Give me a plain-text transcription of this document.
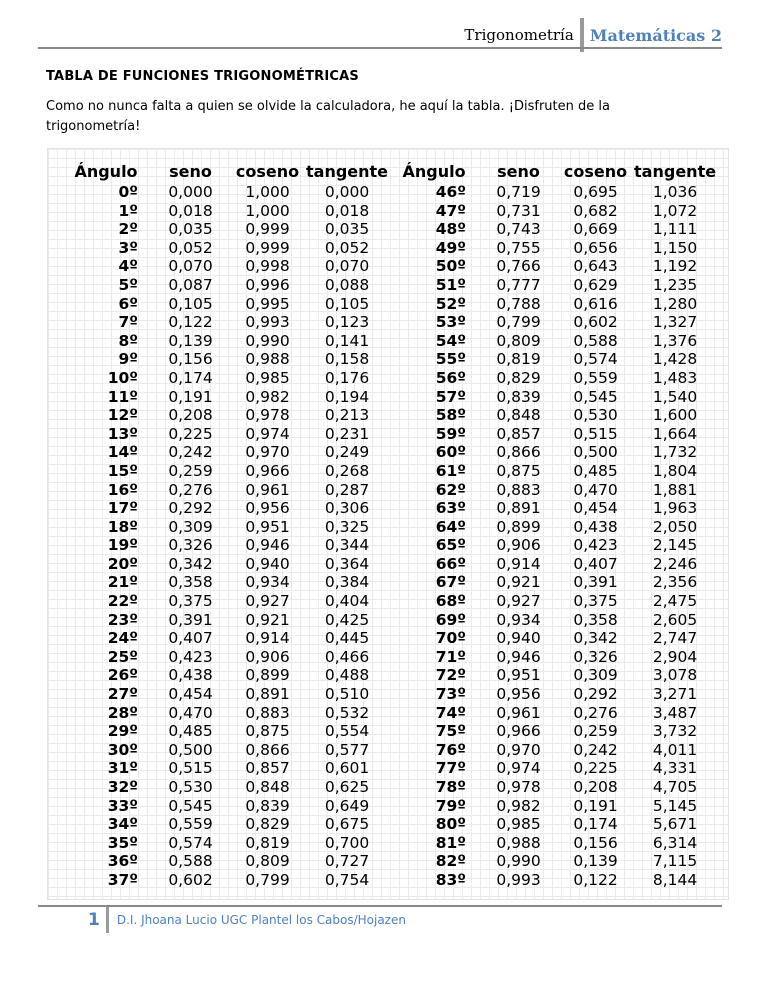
Trigonometría	Matemáticas 2
TABLA DE FUNCIONES TRIGONOMÉTRICAS
Como no nunca falta a quien se olvide la calculadora, he aquí la tabla. ¡Disfruten de la trigonometría!
Ángulo	seno	coseno	tangente	Ángulo	seno	coseno	tangente
0º	0,000	1,000	0,000	46º	0,719	0,695	1,036
1º	0,018	1,000	0,018	47º	0,731	0,682	1,072
2º	0,035	0,999	0,035	48º	0,743	0,669	1,111
3º	0,052	0,999	0,052	49º	0,755	0,656	1,150
4º	0,070	0,998	0,070	50º	0,766	0,643	1,192
5º	0,087	0,996	0,088	51º	0,777	0,629	1,235
6º	0,105	0,995	0,105	52º	0,788	0,616	1,280
7º	0,122	0,993	0,123	53º	0,799	0,602	1,327
8º	0,139	0,990	0,141	54º	0,809	0,588	1,376
9º	0,156	0,988	0,158	55º	0,819	0,574	1,428
10º	0,174	0,985	0,176	56º	0,829	0,559	1,483
11º	0,191	0,982	0,194	57º	0,839	0,545	1,540
12º	0,208	0,978	0,213	58º	0,848	0,530	1,600
13º	0,225	0,974	0,231	59º	0,857	0,515	1,664
14º	0,242	0,970	0,249	60º	0,866	0,500	1,732
15º	0,259	0,966	0,268	61º	0,875	0,485	1,804
16º	0,276	0,961	0,287	62º	0,883	0,470	1,881
17º	0,292	0,956	0,306	63º	0,891	0,454	1,963
18º	0,309	0,951	0,325	64º	0,899	0,438	2,050
19º	0,326	0,946	0,344	65º	0,906	0,423	2,145
20º	0,342	0,940	0,364	66º	0,914	0,407	2,246
21º	0,358	0,934	0,384	67º	0,921	0,391	2,356
22º	0,375	0,927	0,404	68º	0,927	0,375	2,475
23º	0,391	0,921	0,425	69º	0,934	0,358	2,605
24º	0,407	0,914	0,445	70º	0,940	0,342	2,747
25º	0,423	0,906	0,466	71º	0,946	0,326	2,904
26º	0,438	0,899	0,488	72º	0,951	0,309	3,078
27º	0,454	0,891	0,510	73º	0,956	0,292	3,271
28º	0,470	0,883	0,532	74º	0,961	0,276	3,487
29º	0,485	0,875	0,554	75º	0,966	0,259	3,732
30º	0,500	0,866	0,577	76º	0,970	0,242	4,011
31º	0,515	0,857	0,601	77º	0,974	0,225	4,331
32º	0,530	0,848	0,625	78º	0,978	0,208	4,705
33º	0,545	0,839	0,649	79º	0,982	0,191	5,145
34º	0,559	0,829	0,675	80º	0,985	0,174	5,671
35º	0,574	0,819	0,700	81º	0,988	0,156	6,314
36º	0,588	0,809	0,727	82º	0,990	0,139	7,115
37º	0,602	0,799	0,754	83º	0,993	0,122	8,144
1	D.I. Jhoana Lucio UGC Plantel los Cabos/Hojazen
